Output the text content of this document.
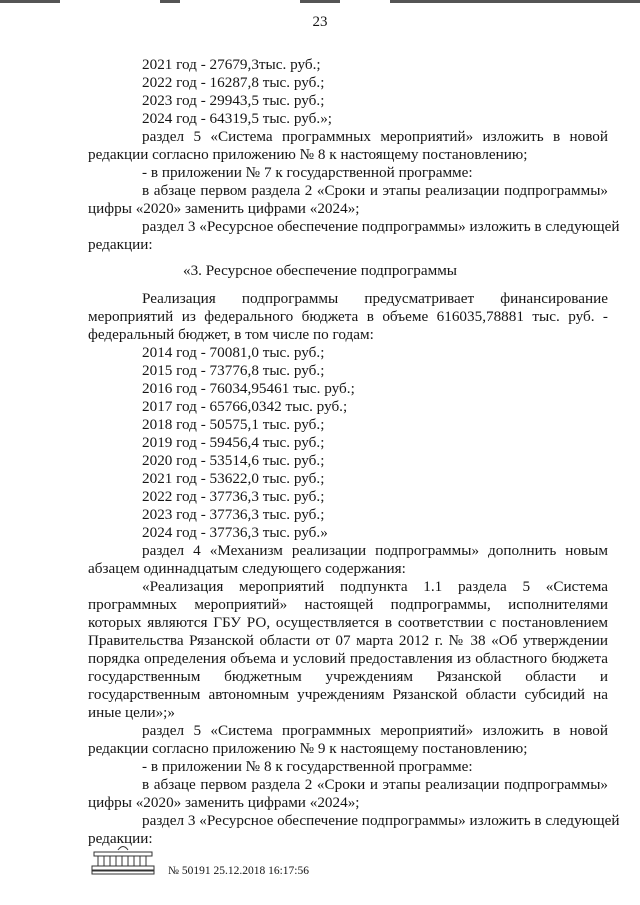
23
2021 год - 27679,3тыс. руб.;
2022 год - 16287,8 тыс. руб.;
2023 год - 29943,5 тыс. руб.;
2024 год - 64319,5 тыс. руб.»;
раздел 5 «Система программных мероприятий» изложить в новой
редакции согласно приложению № 8 к настоящему постановлению;
- в приложении № 7 к государственной программе:
в абзаце первом раздела 2 «Сроки и этапы реализации подпрограммы»
цифры «2020» заменить цифрами «2024»;
раздел 3 «Ресурсное обеспечение подпрограммы» изложить в следующей
редакции:
«3. Ресурсное обеспечение подпрограммы
Реализация подпрограммы предусматривает финансирование
мероприятий из федерального бюджета в объеме 616035,78881 тыс. руб. -
федеральный бюджет, в том числе по годам:
2014 год - 70081,0 тыс. руб.;
2015 год - 73776,8 тыс. руб.;
2016 год - 76034,95461 тыс. руб.;
2017 год - 65766,0342 тыс. руб.;
2018 год - 50575,1 тыс. руб.;
2019 год - 59456,4 тыс. руб.;
2020 год - 53514,6 тыс. руб.;
2021 год - 53622,0 тыс. руб.;
2022 год - 37736,3 тыс. руб.;
2023 год - 37736,3 тыс. руб.;
2024 год - 37736,3 тыс. руб.»
раздел 4 «Механизм реализации подпрограммы» дополнить новым
абзацем одиннадцатым следующего содержания:
«Реализация мероприятий подпункта 1.1 раздела 5 «Система
программных мероприятий» настоящей подпрограммы, исполнителями
которых являются ГБУ РО, осуществляется в соответствии с постановлением
Правительства Рязанской области от 07 марта 2012 г. № 38 «Об утверждении
порядка определения объема и условий предоставления из областного бюджета
государственным бюджетным учреждениям Рязанской области и
государственным автономным учреждениям Рязанской области субсидий на
иные цели»;»
раздел 5 «Система программных мероприятий» изложить в новой
редакции согласно приложению № 9 к настоящему постановлению;
- в приложении № 8 к государственной программе:
в абзаце первом раздела 2 «Сроки и этапы реализации подпрограммы»
цифры «2020» заменить цифрами «2024»;
раздел 3 «Ресурсное обеспечение подпрограммы» изложить в следующей
редакции:
№ 50191 25.12.2018 16:17:56
